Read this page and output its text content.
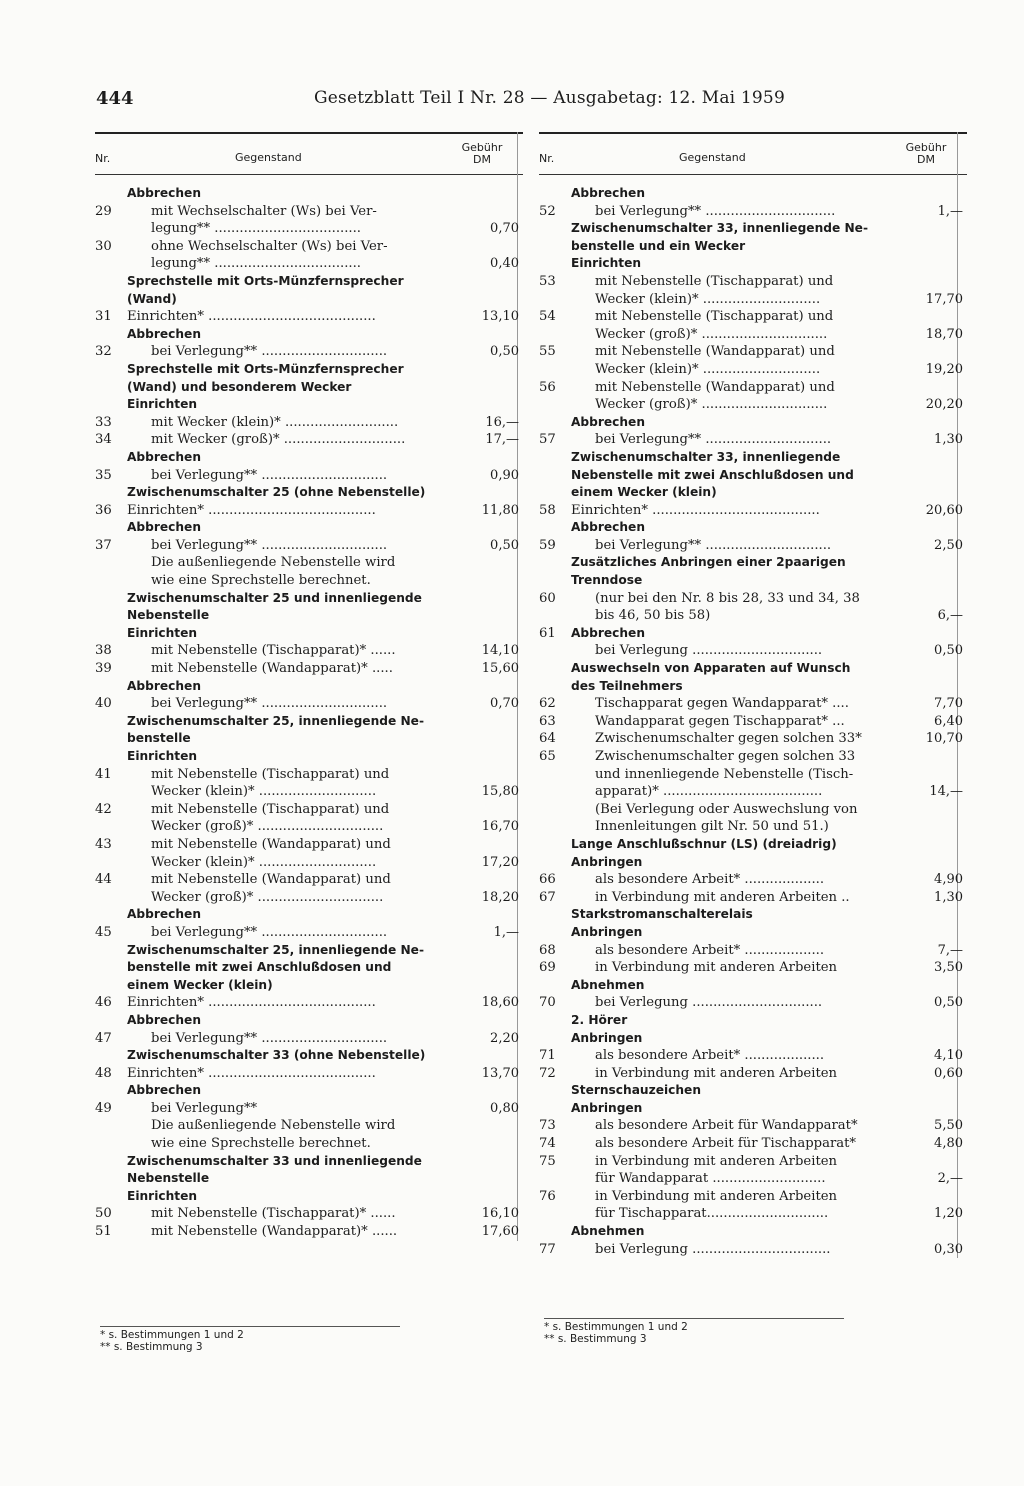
444	Gesetzblatt Teil I Nr. 28 — Ausgabetag: 12. Mai 1959
Nr.	Gegenstand
Gebühr
DM
Abbrechen
29	mit Wechselschalter (Ws) bei Ver-
legung** ...................................	0,70
30	ohne Wechselschalter (Ws) bei Ver-
legung** ...................................	0,40
Sprechstelle mit Orts-Münzfernsprecher
(Wand)
31	Einrichten* ........................................	13,10
Abbrechen
32	bei Verlegung** ..............................	0,50
Sprechstelle mit Orts-Münzfernsprecher
(Wand) und besonderem Wecker
Einrichten
33	mit Wecker (klein)* ...........................	16,—
34	mit Wecker (groß)* .............................	17,—
Abbrechen
35	bei Verlegung** ..............................	0,90
Zwischenumschalter 25 (ohne Nebenstelle)
36	Einrichten* ........................................	11,80
Abbrechen
37	bei Verlegung** ..............................	0,50
Die außenliegende Nebenstelle wird
wie eine Sprechstelle berechnet.
Zwischenumschalter 25 und innenliegende
Nebenstelle
Einrichten
38	mit Nebenstelle (Tischapparat)* ......	14,10
39	mit Nebenstelle (Wandapparat)* .....	15,60
Abbrechen
40	bei Verlegung** ..............................	0,70
Zwischenumschalter 25, innenliegende Ne-
benstelle
Einrichten
41	mit Nebenstelle (Tischapparat) und
Wecker (klein)* ............................	15,80
42	mit Nebenstelle (Tischapparat) und
Wecker (groß)* ..............................	16,70
43	mit Nebenstelle (Wandapparat) und
Wecker (klein)* ............................	17,20
44	mit Nebenstelle (Wandapparat) und
Wecker (groß)* ..............................	18,20
Abbrechen
45	bei Verlegung** ..............................	1,—
Zwischenumschalter 25, innenliegende Ne-
benstelle mit zwei Anschlußdosen und
einem Wecker (klein)
46	Einrichten* ........................................	18,60
Abbrechen
47	bei Verlegung** ..............................	2,20
Zwischenumschalter 33 (ohne Nebenstelle)
48	Einrichten* ........................................	13,70
Abbrechen
49	bei Verlegung**	0,80
Die außenliegende Nebenstelle wird
wie eine Sprechstelle berechnet.
Zwischenumschalter 33 und innenliegende
Nebenstelle
Einrichten
50	mit Nebenstelle (Tischapparat)* ......	16,10
51	mit Nebenstelle (Wandapparat)* ......	17,60
Nr.	Gegenstand
Gebühr
DM
Abbrechen
52	bei Verlegung** ...............................	1,—
Zwischenumschalter 33, innenliegende Ne-
benstelle und ein Wecker
Einrichten
53	mit Nebenstelle (Tischapparat) und
Wecker (klein)* ............................	17,70
54	mit Nebenstelle (Tischapparat) und
Wecker (groß)* ..............................	18,70
55	mit Nebenstelle (Wandapparat) und
Wecker (klein)* ............................	19,20
56	mit Nebenstelle (Wandapparat) und
Wecker (groß)* ..............................	20,20
Abbrechen
57	bei Verlegung** ..............................	1,30
Zwischenumschalter 33, innenliegende
Nebenstelle mit zwei Anschlußdosen und
einem Wecker (klein)
58	Einrichten* ........................................	20,60
Abbrechen
59	bei Verlegung** ..............................	2,50
Zusätzliches Anbringen einer 2paarigen
Trenndose
60	(nur bei den Nr. 8 bis 28, 33 und 34, 38
bis 46, 50 bis 58)	6,—
61	Abbrechen
bei Verlegung ...............................	0,50
Auswechseln von Apparaten auf Wunsch
des Teilnehmers
62	Tischapparat gegen Wandapparat* ....	7,70
63	Wandapparat gegen Tischapparat* ...	6,40
64	Zwischenumschalter gegen solchen 33*	10,70
65	Zwischenumschalter gegen solchen 33
und innenliegende Nebenstelle (Tisch-
apparat)* ......................................	14,—
(Bei Verlegung oder Auswechslung von
Innenleitungen gilt Nr. 50 und 51.)
Lange Anschlußschnur (LS) (dreiadrig)
Anbringen
66	als besondere Arbeit* ...................	4,90
67	in Verbindung mit anderen Arbeiten ..	1,30
Starkstromanschalterelais
Anbringen
68	als besondere Arbeit* ...................	7,—
69	in Verbindung mit anderen Arbeiten	3,50
Abnehmen
70	bei Verlegung ...............................	0,50
2. Hörer
Anbringen
71	als besondere Arbeit* ...................	4,10
72	in Verbindung mit anderen Arbeiten	0,60
Sternschauzeichen
Anbringen
73	als besondere Arbeit für Wandapparat*	5,50
74	als besondere Arbeit für Tischapparat*	4,80
75	in Verbindung mit anderen Arbeiten
für Wandapparat ...........................	2,—
76	in Verbindung mit anderen Arbeiten
für Tischapparat.............................	1,20
Abnehmen
77	bei Verlegung .................................	0,30
* s. Bestimmungen 1 und 2
** s. Bestimmung 3
* s. Bestimmungen 1 und 2
** s. Bestimmung 3
